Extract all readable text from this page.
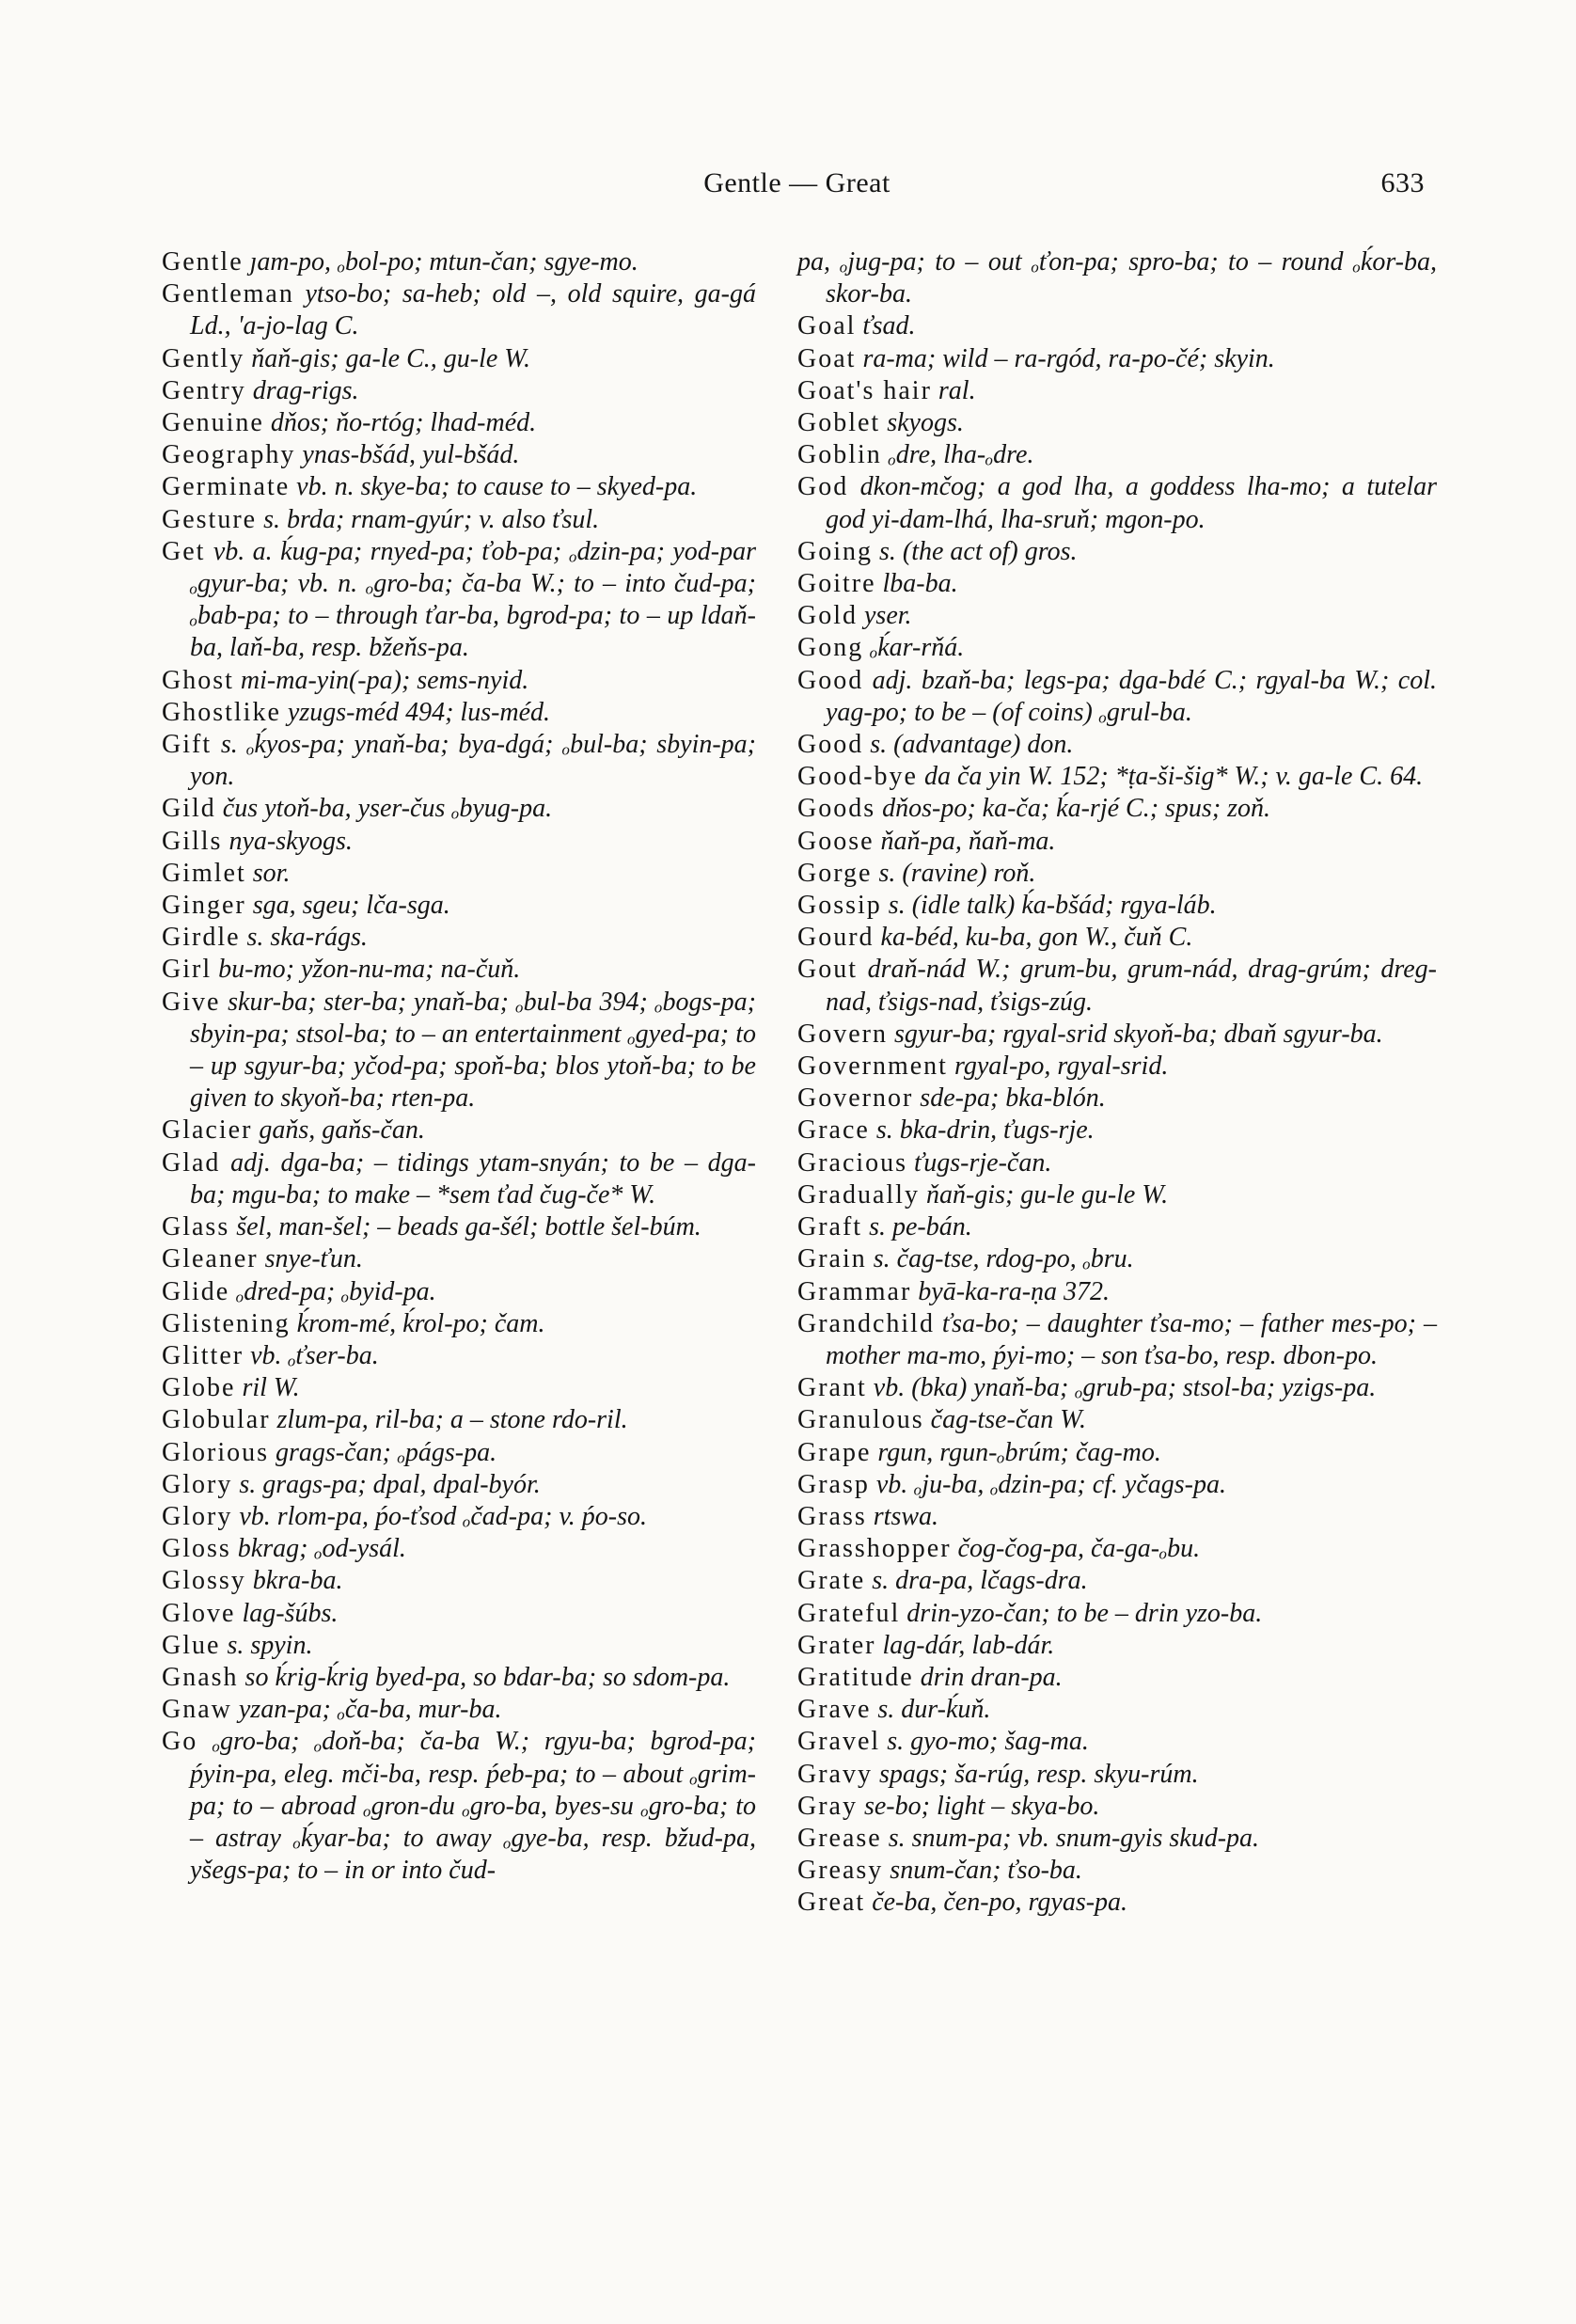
Gentle — Great	633

Gentle ȷam-po, ₒbol-po; mtun-čan; sgye-mo.

Gentleman ytso-bo; sa-heb; old –, old squire, ga-gá Ld., 'a-jo-lag C.

Gently ňaň-gis; ga-le C., gu-le W.

Gentry drag-rigs.

Genuine dňos; ňo-rtóg; lhad-méd.

Geography ynas-bšád, yul-bšád.

Germinate vb. n. skye-ba; to cause to – skyed-pa.

Gesture s. brda; rnam-gyúr; v. also ťsul.

Get vb. a. ḱug-pa; rnyed-pa; ťob-pa; ₒdzin-pa; yod-par ₒgyur-ba; vb. n. ₒgro-ba; ča-ba W.; to – into čud-pa; ₒbab-pa; to – through ťar-ba, bgrod-pa; to – up ldaň-ba, laň-ba, resp. bžeňs-pa.

Ghost mi-ma-yin(-pa); sems-nyid.

Ghostlike yzugs-méd 494; lus-méd.

Gift s. ₒḱyos-pa; ynaň-ba; bya-dgá; ₒbul-ba; sbyin-pa; yon.

Gild čus ytoň-ba, yser-čus ₒbyug-pa.

Gills nya-skyogs.

Gimlet sor.

Ginger sga, sgeu; lča-sga.

Girdle s. ska-rágs.

Girl bu-mo; yžon-nu-ma; na-čuň.

Give skur-ba; ster-ba; ynaň-ba; ₒbul-ba 394; ₒbogs-pa; sbyin-pa; stsol-ba; to – an entertainment ₒgyed-pa; to – up sgyur-ba; yčod-pa; spoň-ba; blos ytoň-ba; to be given to skyoň-ba; rten-pa.

Glacier gaňs, gaňs-čan.

Glad adj. dga-ba; – tidings ytam-snyán; to be – dga-ba; mgu-ba; to make – *sem ťad čug-če* W.

Glass šel, man-šel; – beads ga-šél; bottle šel-búm.

Gleaner snye-ťun.

Glide ₒdred-pa; ₒbyid-pa.

Glistening ḱrom-mé, ḱrol-po; čam.

Glitter vb. ₒťser-ba.

Globe ril W.

Globular zlum-pa, ril-ba; a – stone rdo-ril.

Glorious grags-čan; ₒpágs-pa.

Glory s. grags-pa; dpal, dpal-byór.

Glory vb. rlom-pa, ṕo-ťsod ₒčad-pa; v. ṕo-so.

Gloss bkrag; ₒod-ysál.

Glossy bkra-ba.

Glove lag-šúbs.

Glue s. spyin.

Gnash so ḱrig-ḱrig byed-pa, so bdar-ba; so sdom-pa.

Gnaw yzan-pa; ₒča-ba, mur-ba.

Go ₒgro-ba; ₒdoň-ba; ča-ba W.; rgyu-ba; bgrod-pa; ṕyin-pa, eleg. mči-ba, resp. ṕeb-pa; to – about ₒgrim-pa; to – abroad ₒgron-du ₒgro-ba, byes-su ₒgro-ba; to – astray ₒḱyar-ba; to away ₒgye-ba, resp. bžud-pa, yšegs-pa; to – in or into čud-

pa, ₒjug-pa; to – out ₒťon-pa; spro-ba; to – round ₒḱor-ba, skor-ba.

Goal ťsad.

Goat ra-ma; wild – ra-rgód, ra-po-čé; skyin.

Goat's hair ral.

Goblet skyogs.

Goblin ₒdre, lha-ₒdre.

God dkon-mčog; a god lha, a goddess lha-mo; a tutelar god yi-dam-lhá, lha-sruň; mgon-po.

Going s. (the act of) gros.

Goitre lba-ba.

Gold yser.

Gong ₒḱar-rňá.

Good adj. bzaň-ba; legs-pa; dga-bdé C.; rgyal-ba W.; col. yag-po; to be – (of coins) ₒgrul-ba.

Good s. (advantage) don.

Good-bye da ča yin W. 152; *ṭa-ši-šig* W.; v. ga-le C. 64.

Goods dňos-po; ka-ča; ḱa-rjé C.; spus; zoň.

Goose ňaň-pa, ňaň-ma.

Gorge s. (ravine) roň.

Gossip s. (idle talk) ḱa-bšád; rgya-láb.

Gourd ka-béd, ku-ba, gon W., čuň C.

Gout draň-nád W.; grum-bu, grum-nád, drag-grúm; dreg-nad, ťsigs-nad, ťsigs-zúg.

Govern sgyur-ba; rgyal-srid skyoň-ba; dbaň sgyur-ba.

Government rgyal-po, rgyal-srid.

Governor sde-pa; bka-blón.

Grace s. bka-drin, ťugs-rje.

Gracious ťugs-rje-čan.

Gradually ňaň-gis; gu-le gu-le W.

Graft s. pe-bán.

Grain s. čag-tse, rdog-po, ₒbru.

Grammar byā-ka-ra-ṇa 372.

Grandchild ťsa-bo; – daughter ťsa-mo; – father mes-po; – mother ma-mo, ṕyi-mo; – son ťsa-bo, resp. dbon-po.

Grant vb. (bka) ynaň-ba; ₒgrub-pa; stsol-ba; yzigs-pa.

Granulous čag-tse-čan W.

Grape rgun, rgun-ₒbrúm; čag-mo.

Grasp vb. ₒju-ba, ₒdzin-pa; cf. yčags-pa.

Grass rtswa.

Grasshopper čog-čog-pa, ča-ga-ₒbu.

Grate s. dra-pa, lčags-dra.

Grateful drin-yzo-čan; to be – drin yzo-ba.

Grater lag-dár, lab-dár.

Gratitude drin dran-pa.

Grave s. dur-ḱuň.

Gravel s. gyo-mo; šag-ma.

Gravy spags; ša-rúg, resp. skyu-rúm.

Gray se-bo; light – skya-bo.

Grease s. snum-pa; vb. snum-gyis skud-pa.

Greasy snum-čan; ťso-ba.

Great če-ba, čen-po, rgyas-pa.
